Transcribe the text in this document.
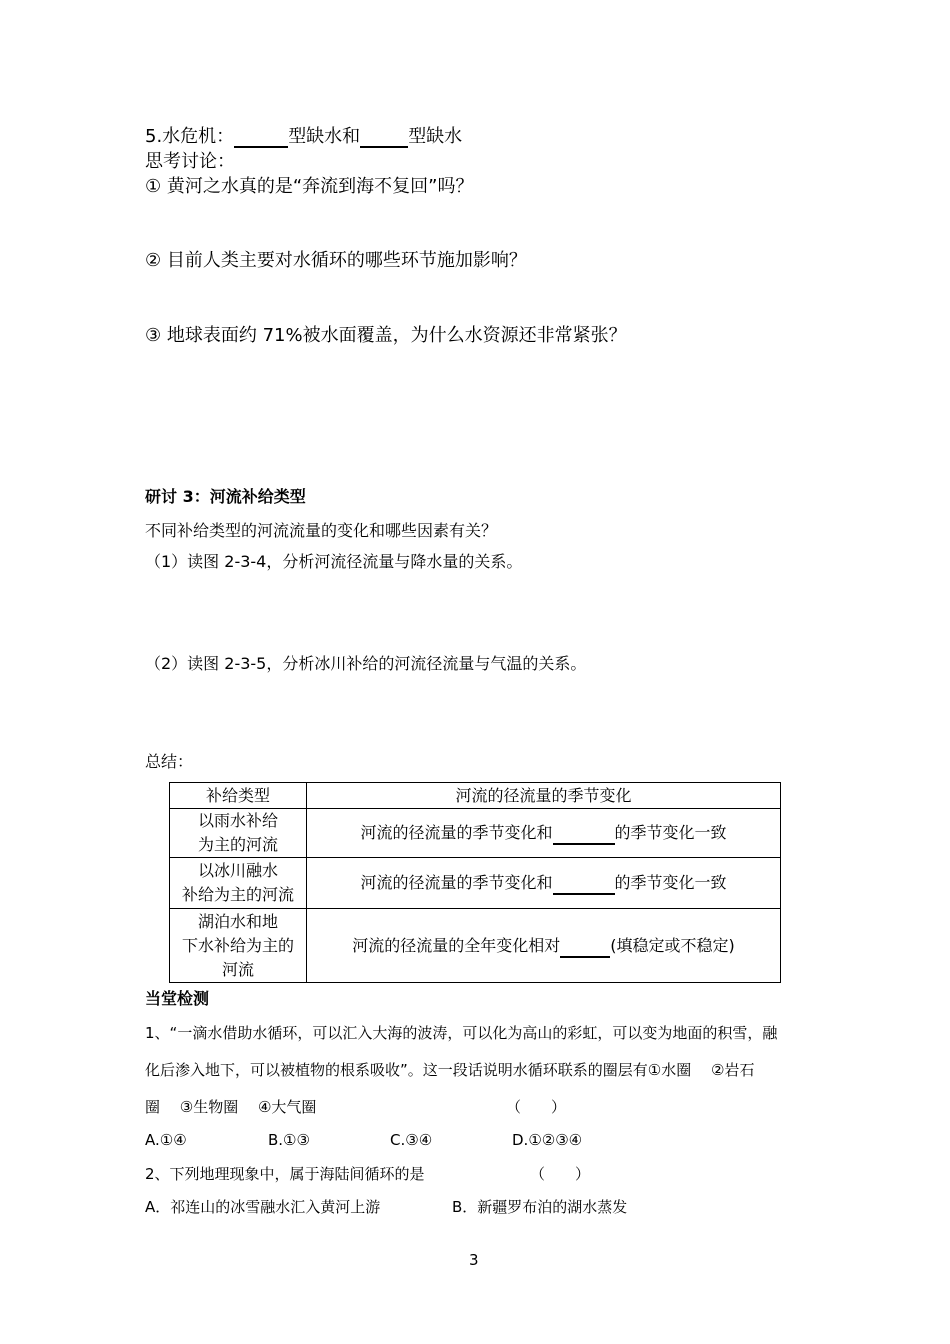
5.水危机：	型缺水和	型缺水
思考讨论：
① 黄河之水真的是“奔流到海不复回”吗？
② 目前人类主要对水循环的哪些环节施加影响？
③ 地球表面约 71%被水面覆盖，为什么水资源还非常紧张？
研讨 3：河流补给类型
不同补给类型的河流流量的变化和哪些因素有关？
（1）读图 2-3-4，分析河流径流量与降水量的关系。
（2）读图 2-3-5，分析冰川补给的河流径流量与气温的关系。
总结：
补给类型	河流的径流量的季节变化

以雨水补给
为主的河流	河流的径流量的季节变化和 的季节变化一致

以冰川融水
补给为主的河流	河流的径流量的季节变化和 的季节变化一致

湖泊水和地
下水补给为主的
河流	河流的径流量的全年变化相对 (填稳定或不稳定)
当堂检测
1、“一滴水借助水循环，可以汇入大海的波涛，可以化为高山的彩虹，可以变为地面的积雪，融
化后渗入地下，可以被植物的根系吸收”。这一段话说明水循环联系的圈层有①水圈　 ②岩石
圈　 ③生物圈　 ④大气圈	（　　）
A.①④	B.①③	C.③④	D.①②③④
2、下列地理现象中，属于海陆间循环的是	（　　）
A．祁连山的冰雪融水汇入黄河上游	B．新疆罗布泊的湖水蒸发
3
